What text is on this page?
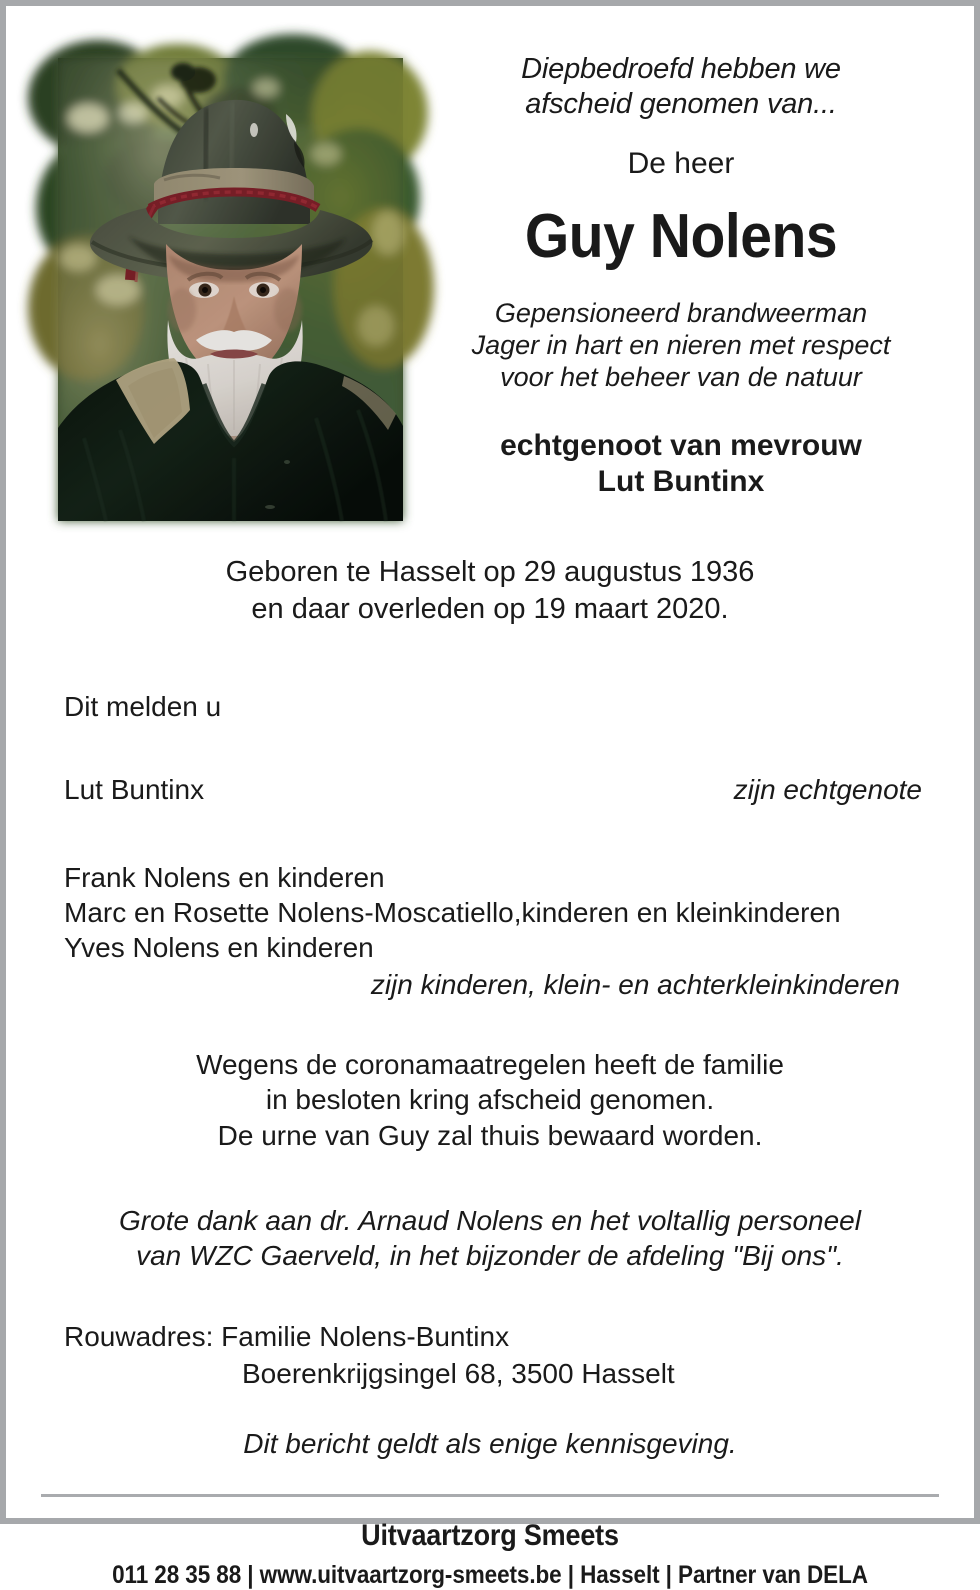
Diepbedroefd hebben we
afscheid genomen van...

De heer

Guy Nolens

Gepensioneerd brandweerman
Jager in hart en nieren met respect
voor het beheer van de natuur

echtgenoot van mevrouw
Lut Buntinx

Geboren te Hasselt op 29 augustus 1936
en daar overleden op 19 maart 2020.

Dit melden u

Lut Buntinx	zijn echtgenote
Frank Nolens en kinderen
Marc en Rosette Nolens-Moscatiello,kinderen en kleinkinderen
Yves Nolens en kinderen

zijn kinderen, klein- en achterkleinkinderen

Wegens de coronamaatregelen heeft de familie
in besloten kring afscheid genomen.
De urne van Guy zal thuis bewaard worden.

Grote dank aan dr. Arnaud Nolens en het voltallig personeel
van WZC Gaerveld, in het bijzonder de afdeling "Bij ons".

Rouwadres: Familie Nolens-Buntinx
Boerenkrijgsingel 68, 3500 Hasselt

Dit bericht geldt als enige kennisgeving.

Uitvaartzorg Smeets
011 28 35 88 | www.uitvaartzorg-smeets.be | Hasselt | Partner van DELA
